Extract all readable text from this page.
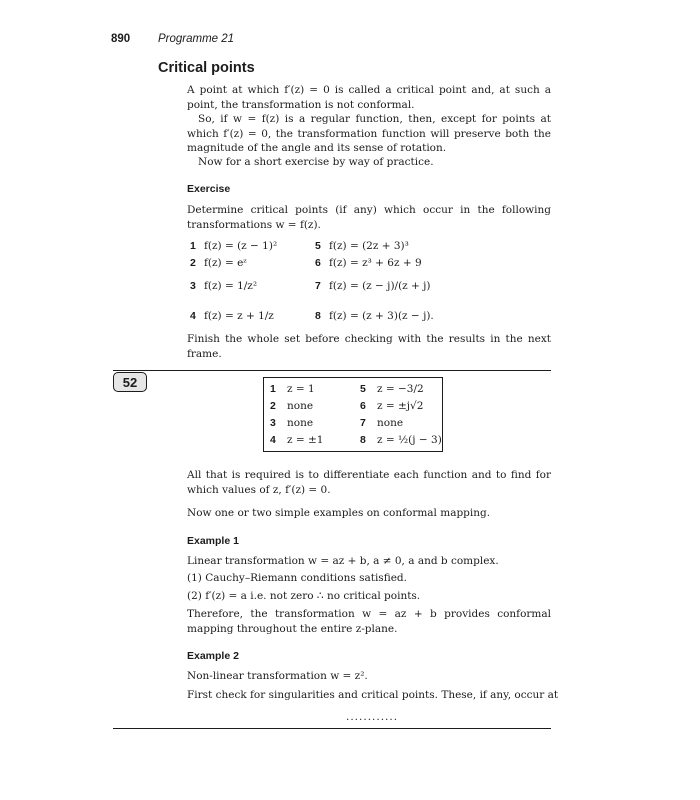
890 Programme 21
Critical points

A point at which f′(z) = 0 is called a critical point and, at such a point, the transformation is not conformal.

So, if w = f(z) is a regular function, then, except for points at which f′(z) = 0, the transformation function will preserve both the magnitude of the angle and its sense of rotation.

Now for a short exercise by way of practice.

Exercise

Determine critical points (if any) which occur in the following transformations w = f(z).

1 f(z) = (z − 1)²
2 f(z) = eᶻ
3 f(z) = 1/z²
4 f(z) = z + 1/z
5 f(z) = (2z + 3)³
6 f(z) = z³ + 6z + 9
7 f(z) = (z − j)/(z + j)
8 f(z) = (z + 3)(z − j).

Finish the whole set before checking with the results in the next frame.

52	1 z = 1
2 none
3 none
4 z = ±1
5 z = −3/2
6 z = ±j√2
7 none
8 z = ½(j − 3)

All that is required is to differentiate each function and to find for which values of z, f′(z) = 0.

Now one or two simple examples on conformal mapping.

Example 1
Linear transformation w = az + b, a ≠ 0, a and b complex.
(1) Cauchy–Riemann conditions satisfied.
(2) f′(z) = a i.e. not zero ∴ no critical points.

Therefore, the transformation w = az + b provides conformal mapping throughout the entire z-plane.

Example 2
Non-linear transformation w = z².
First check for singularities and critical points. These, if any, occur at
............
